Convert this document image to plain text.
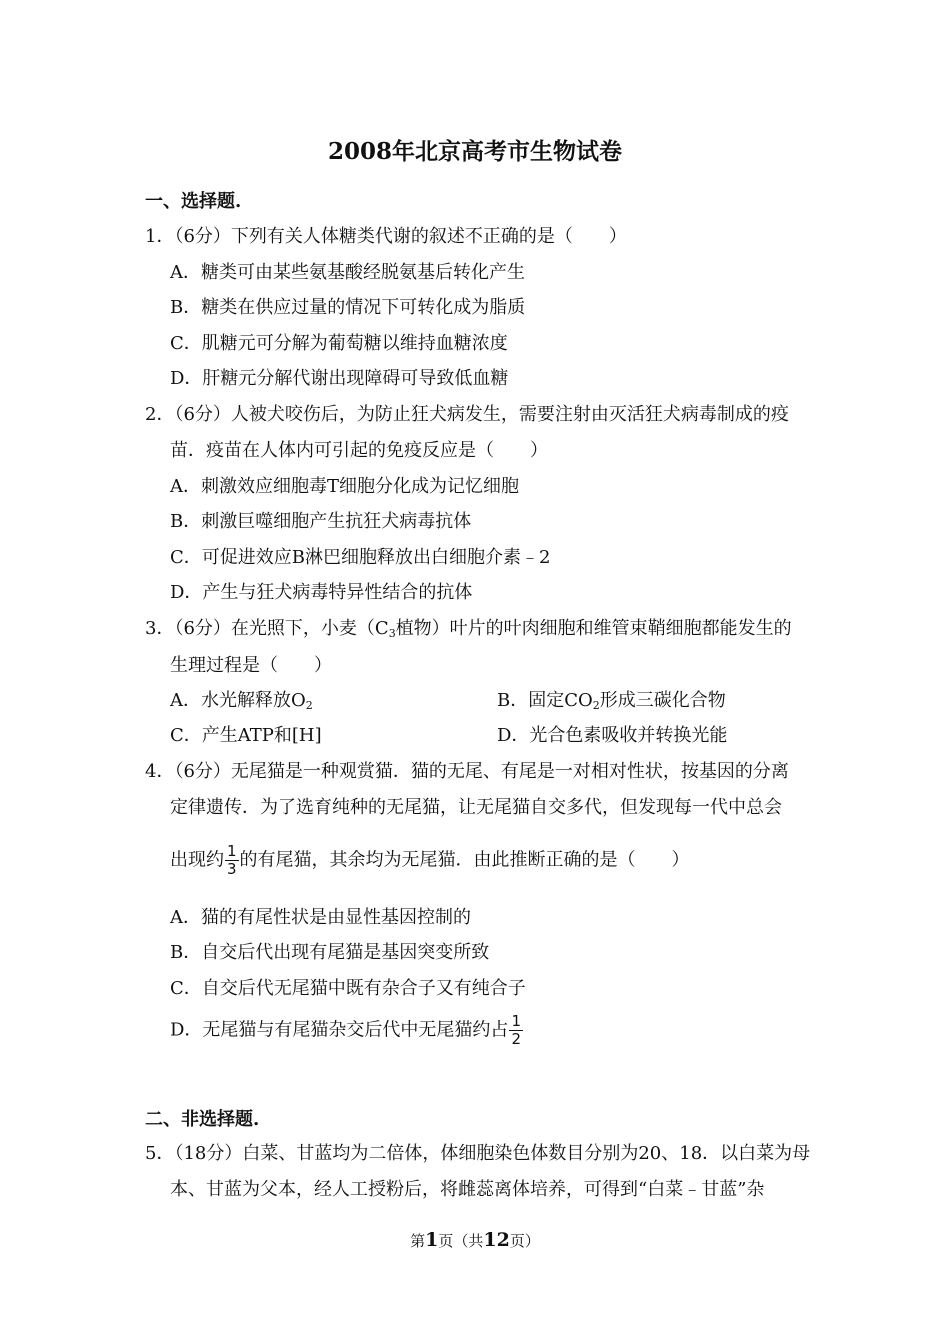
2008年北京高考市生物试卷
一、选择题.
1．（6分）下列有关人体糖类代谢的叙述不正确的是（　　）
A．糖类可由某些氨基酸经脱氨基后转化产生
B．糖类在供应过量的情况下可转化成为脂质
C．肌糖元可分解为葡萄糖以维持血糖浓度
D．肝糖元分解代谢出现障碍可导致低血糖
2．（6分）人被犬咬伤后，为防止狂犬病发生，需要注射由灭活狂犬病毒制成的疫
苗．疫苗在人体内可引起的免疫反应是（　　）
A．刺激效应细胞毒T细胞分化成为记忆细胞
B．刺激巨噬细胞产生抗狂犬病毒抗体
C．可促进效应B淋巴细胞释放出白细胞介素﹣2
D．产生与狂犬病毒特异性结合的抗体
3．（6分）在光照下，小麦（$C_3$植物）叶片的叶肉细胞和维管束鞘细胞都能发生的
生理过程是（　　）
A．水光解释放$O_2$	B．固定$CO_2$形成三碳化合物
C．产生ATP和[H]	D．光合色素吸收并转换光能
4．（6分）无尾猫是一种观赏猫．猫的无尾、有尾是一对相对性状，按基因的分离
定律遗传．为了选育纯种的无尾猫，让无尾猫自交多代，但发现每一代中总会
出现约 $\frac{1}{3}$ 的有尾猫，其余均为无尾猫．由此推断正确的是（　　）
A．猫的有尾性状是由显性基因控制的
B．自交后代出现有尾猫是基因突变所致
C．自交后代无尾猫中既有杂合子又有纯合子
D．无尾猫与有尾猫杂交后代中无尾猫约占 $\frac{1}{2}$
二、非选择题.
5．（18分）白菜、甘蓝均为二倍体，体细胞染色体数目分别为20、18．以白菜为母
本、甘蓝为父本，经人工授粉后，将雌蕊离体培养，可得到“白菜﹣甘蓝”杂
第1页（共12页）
